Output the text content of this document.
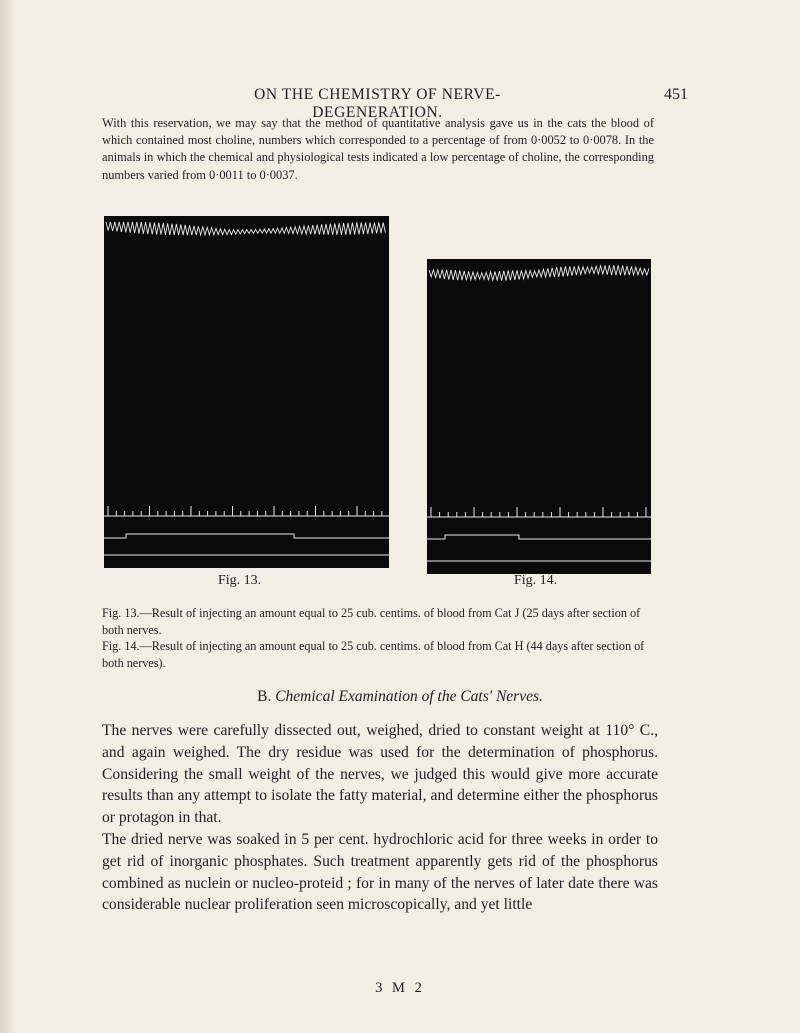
ON THE CHEMISTRY OF NERVE-DEGENERATION.
451
With this reservation, we may say that the method of quantitative analysis gave us in the cats the blood of which contained most choline, numbers which corresponded to a percentage of from 0·0052 to 0·0078. In the animals in which the chemical and physiological tests indicated a low percentage of choline, the corresponding numbers varied from 0·0011 to 0·0037.
Fig. 13.	Fig. 14.

Fig. 13.—Result of injecting an amount equal to 25 cub. centims. of blood from Cat J (25 days after section of both nerves.

Fig. 14.—Result of injecting an amount equal to 25 cub. centims. of blood from Cat H (44 days after section of both nerves).

B. Chemical Examination of the Cats' Nerves.

The nerves were carefully dissected out, weighed, dried to constant weight at 110° C., and again weighed. The dry residue was used for the determination of phosphorus. Considering the small weight of the nerves, we judged this would give more accurate results than any attempt to isolate the fatty material, and determine either the phosphorus or protagon in that.

The dried nerve was soaked in 5 per cent. hydrochloric acid for three weeks in order to get rid of inorganic phosphates. Such treatment apparently gets rid of the phosphorus combined as nuclein or nucleo-proteid ; for in many of the nerves of later date there was considerable nuclear proliferation seen microscopically, and yet little

3 M 2
